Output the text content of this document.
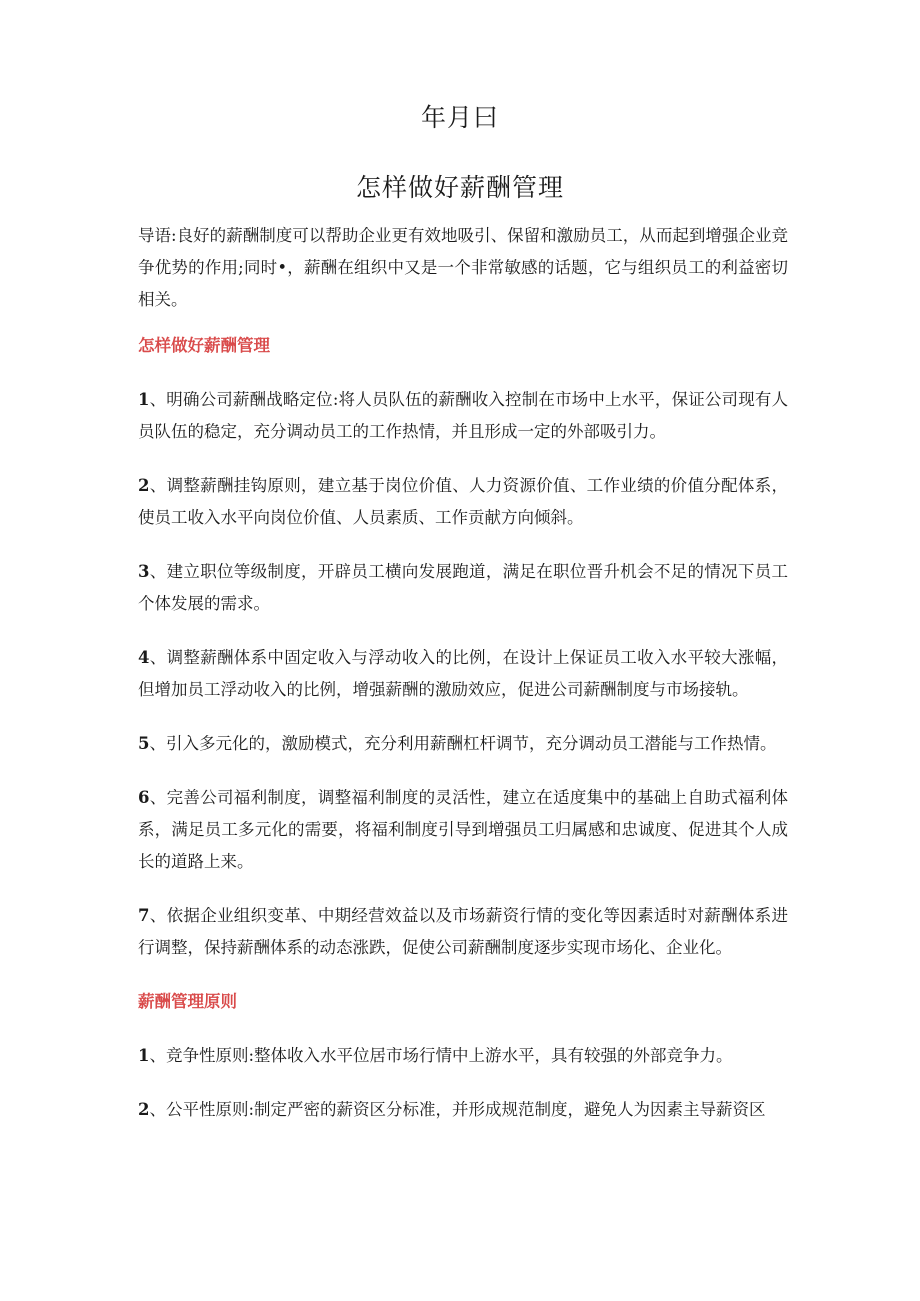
年月曰
怎样做好薪酬管理

导语:良好的薪酬制度可以帮助企业更有效地吸引、保留和激励员工，从而起到增强企业竞争优势的作用;同时•，薪酬在组织中又是一个非常敏感的话题，它与组织员工的利益密切相关。

怎样做好薪酬管理

1、明确公司薪酬战略定位:将人员队伍的薪酬收入控制在市场中上水平，保证公司现有人员队伍的稳定，充分调动员工的工作热情，并且形成一定的外部吸引力。

2、调整薪酬挂钩原则，建立基于岗位价值、人力资源价值、工作业绩的价值分配体系，使员工收入水平向岗位价值、人员素质、工作贡献方向倾斜。

3、建立职位等级制度，开辟员工横向发展跑道，满足在职位晋升机会不足的情况下员工个体发展的需求。

4、调整薪酬体系中固定收入与浮动收入的比例，在设计上保证员工收入水平较大涨幅，但增加员工浮动收入的比例，增强薪酬的激励效应，促进公司薪酬制度与市场接轨。

5、引入多元化的，激励模式，充分利用薪酬杠杆调节，充分调动员工潜能与工作热情。

6、完善公司福利制度，调整福利制度的灵活性，建立在适度集中的基础上自助式福利体系，满足员工多元化的需要，将福利制度引导到增强员工归属感和忠诚度、促进其个人成长的道路上来。

7、依据企业组织变革、中期经营效益以及市场薪资行情的变化等因素适时对薪酬体系进行调整，保持薪酬体系的动态涨跌，促使公司薪酬制度逐步实现市场化、企业化。

薪酬管理原则

1、竞争性原则:整体收入水平位居市场行情中上游水平，具有较强的外部竞争力。

2、公平性原则:制定严密的薪资区分标准，并形成规范制度，避免人为因素主导薪资区
